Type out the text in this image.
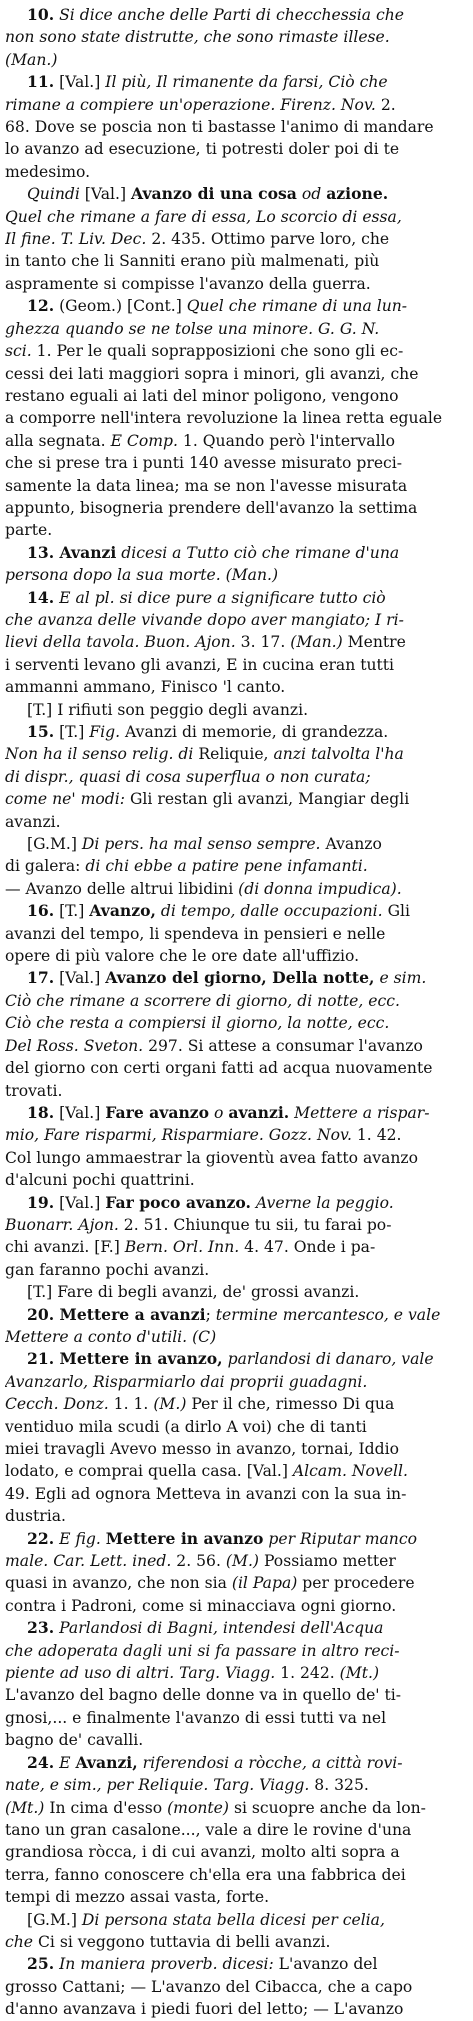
10. Si dice anche delle Parti di checchessia che
non sono state distrutte, che sono rimaste illese.
(Man.)
11. [Val.] Il più, Il rimanente da farsi, Ciò che
rimane a compiere un'operazione. Firenz. Nov. 2.
68. Dove se poscia non ti bastasse l'animo di mandare
lo avanzo ad esecuzione, ti potresti doler poi di te
medesimo.
Quindi [Val.] Avanzo di una cosa od azione.
Quel che rimane a fare di essa, Lo scorcio di essa,
Il fine. T. Liv. Dec. 2. 435. Ottimo parve loro, che
in tanto che li Sanniti erano più malmenati, più
aspramente si compisse l'avanzo della guerra.
12. (Geom.) [Cont.] Quel che rimane di una lun-
ghezza quando se ne tolse una minore. G. G. N.
sci. 1. Per le quali soprapposizioni che sono gli ec-
cessi dei lati maggiori sopra i minori, gli avanzi, che
restano eguali ai lati del minor poligono, vengono
a comporre nell'intera revoluzione la linea retta eguale
alla segnata. E Comp. 1. Quando però l'intervallo
che si prese tra i punti 140 avesse misurato preci-
samente la data linea; ma se non l'avesse misurata
appunto, bisogneria prendere dell'avanzo la settima
parte.
13. Avanzi dicesi a Tutto ciò che rimane d'una
persona dopo la sua morte. (Man.)
14. E al pl. si dice pure a significare tutto ciò
che avanza delle vivande dopo aver mangiato; I ri-
lievi della tavola. Buon. Ajon. 3. 17. (Man.) Mentre
i serventi levano gli avanzi, E in cucina eran tutti
ammanni ammano, Finisco 'l canto.
[T.] I rifiuti son peggio degli avanzi.
15. [T.] Fig. Avanzi di memorie, di grandezza.
Non ha il senso relig. di Reliquie, anzi talvolta l'ha
di dispr., quasi di cosa superflua o non curata;
come ne' modi: Gli restan gli avanzi, Mangiar degli
avanzi.
[G.M.] Di pers. ha mal senso sempre. Avanzo
di galera: di chi ebbe a patire pene infamanti.
— Avanzo delle altrui libidini (di donna impudica).
16. [T.] Avanzo, di tempo, dalle occupazioni. Gli
avanzi del tempo, li spendeva in pensieri e nelle
opere di più valore che le ore date all'uffizio.
17. [Val.] Avanzo del giorno, Della notte, e sim.
Ciò che rimane a scorrere di giorno, di notte, ecc.
Ciò che resta a compiersi il giorno, la notte, ecc.
Del Ross. Sveton. 297. Si attese a consumar l'avanzo
del giorno con certi organi fatti ad acqua nuovamente
trovati.
18. [Val.] Fare avanzo o avanzi. Mettere a rispar-
mio, Fare risparmi, Risparmiare. Gozz. Nov. 1. 42.
Col lungo ammaestrar la gioventù avea fatto avanzo
d'alcuni pochi quattrini.
19. [Val.] Far poco avanzo. Averne la peggio.
Buonarr. Ajon. 2. 51. Chiunque tu sii, tu farai po-
chi avanzi. [F.] Bern. Orl. Inn. 4. 47. Onde i pa-
gan faranno pochi avanzi.
[T.] Fare di begli avanzi, de' grossi avanzi.
20. Mettere a avanzi; termine mercantesco, e vale
Mettere a conto d'utili. (C)
21. Mettere in avanzo, parlandosi di danaro, vale
Avanzarlo, Risparmiarlo dai proprii guadagni.
Cecch. Donz. 1. 1. (M.) Per il che, rimesso Di qua
ventiduo mila scudi (a dirlo A voi) che di tanti
miei travagli Avevo messo in avanzo, tornai, Iddio
lodato, e comprai quella casa. [Val.] Alcam. Novell.
49. Egli ad ognora Metteva in avanzi con la sua in-
dustria.
22. E fig. Mettere in avanzo per Riputar manco
male. Car. Lett. ined. 2. 56. (M.) Possiamo metter
quasi in avanzo, che non sia (il Papa) per procedere
contra i Padroni, come si minacciava ogni giorno.
23. Parlandosi di Bagni, intendesi dell'Acqua
che adoperata dagli uni si fa passare in altro reci-
piente ad uso di altri. Targ. Viagg. 1. 242. (Mt.)
L'avanzo del bagno delle donne va in quello de' ti-
gnosi,... e finalmente l'avanzo di essi tutti va nel
bagno de' cavalli.
24. E Avanzi, riferendosi a ròcche, a città rovi-
nate, e sim., per Reliquie. Targ. Viagg. 8. 325.
(Mt.) In cima d'esso (monte) si scuopre anche da lon-
tano un gran casalone..., vale a dire le rovine d'una
grandiosa ròcca, i di cui avanzi, molto alti sopra a
terra, fanno conoscere ch'ella era una fabbrica dei
tempi di mezzo assai vasta, forte.
[G.M.] Di persona stata bella dicesi per celia,
che Ci si veggono tuttavia di belli avanzi.
25. In maniera proverb. dicesi: L'avanzo del
grosso Cattani; — L'avanzo del Cibacca, che a capo
d'anno avanzava i piedi fuori del letto; — L'avanzo
